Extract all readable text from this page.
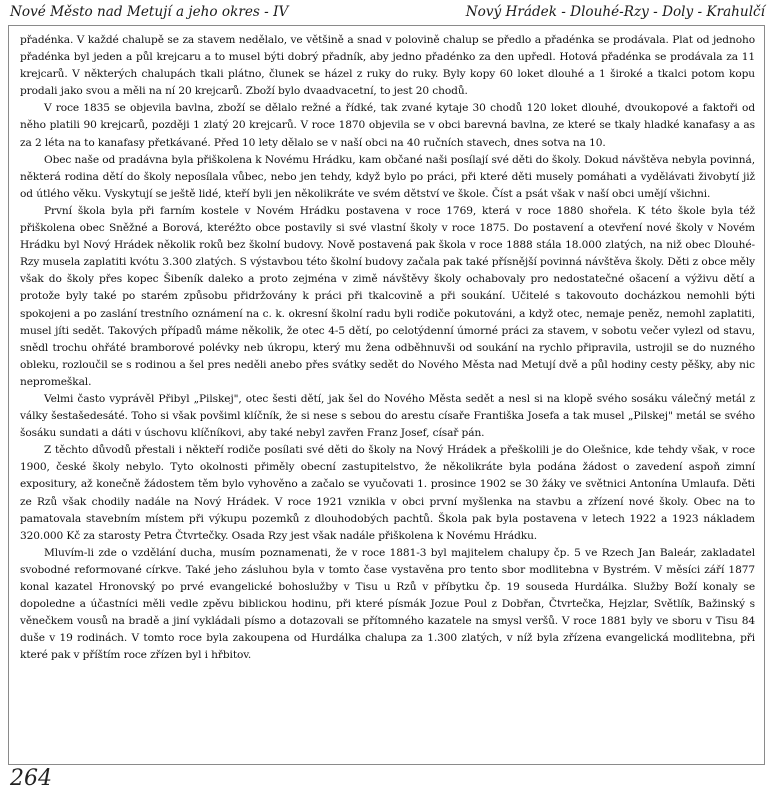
Nové Město nad Metují a jeho okres - IV	Nový Hrádek - Dlouhé-Rzy - Doly - Krahulčí

přadénka. V každé chalupě se za stavem nedělalo, ve většině a snad v polovině chalup se předlo a přadénka se prodávala. Plat od jednoho přadénka byl jeden a půl krejcaru a to musel býti dobrý přadník, aby jedno přadénko za den upředl. Hotová přadénka se prodávala za 11 krejcarů. V některých chalupách tkali plátno, člunek se házel z ruky do ruky. Byly kopy 60 loket dlouhé a 1 široké a tkalci potom kopu prodali jako svou a měli na ní 20 krejcarů. Zboží bylo dvaadvacetní, to jest 20 chodů.

V roce 1835 se objevila bavlna, zboží se dělalo režné a řídké, tak zvané kytaje 30 chodů 120 loket dlouhé, dvoukopové a faktoři od něho platili 90 krejcarů, později 1 zlatý 20 krejcarů. V roce 1870 objevila se v obci barevná bavlna, ze které se tkaly hladké kanafasy a as za 2 léta na to kanafasy přetkávané. Před 10 lety dělalo se v naší obci na 40 ručních stavech, dnes sotva na 10.

Obec naše od pradávna byla přiškolena k Novému Hrádku, kam občané naši posílají své děti do školy. Dokud návštěva nebyla povinná, některá rodina dětí do školy neposílala vůbec, nebo jen tehdy, když bylo po práci, při které děti musely pomáhati a vydělávati živobytí již od útlého věku. Vyskytují se ještě lidé, kteří byli jen několikráte ve svém dětství ve škole. Číst a psát však v naší obci umějí všichni.

První škola byla při farním kostele v Novém Hrádku postavena v roce 1769, která v roce 1880 shořela. K této škole byla též přiškolena obec Sněžné a Borová, kteréžto obce postavily si své vlastní školy v roce 1875. Do postavení a otevření nové školy v Novém Hrádku byl Nový Hrádek několik roků bez školní budovy. Nově postavená pak škola v roce 1888 stála 18.000 zlatých, na niž obec Dlouhé-Rzy musela zaplatiti kvótu 3.300 zlatých. S výstavbou této školní budovy začala pak také přísnější povinná návštěva školy. Děti z obce měly však do školy přes kopec Šibeník daleko a proto zejména v zimě návštěvy školy ochabovaly pro nedostatečné ošacení a výživu dětí a protože byly také po starém způsobu přidržovány k práci při tkalcovině a při soukání. Učitelé s takovouto docházkou nemohli býti spokojeni a po zaslání trestního oznámení na c. k. okresní školní radu byli rodiče pokutováni, a když otec, nemaje peněz, nemohl zaplatiti, musel jíti sedět. Takových případů máme několik, že otec 4-5 dětí, po celotýdenní úmorné práci za stavem, v sobotu večer vylezl od stavu, snědl trochu ohřáté bramborové polévky neb úkropu, který mu žena odběhnuvši od soukání na rychlo připravila, ustrojil se do nuzného obleku, rozloučil se s rodinou a šel pres neděli anebo přes svátky sedět do Nového Města nad Metují dvě a půl hodiny cesty pěšky, aby nic nepromeškal.

Velmi často vyprávěl Přibyl „Pilskej", otec šesti dětí, jak šel do Nového Města sedět a nesl si na klopě svého sosáku válečný metál z války šestašedesáté. Toho si však povšiml klíčník, že si nese s sebou do arestu císaře Františka Josefa a tak musel „Pilskej" metál se svého šosáku sundati a dáti v úschovu klíčníkovi, aby také nebyl zavřen Franz Josef, císař pán.

Z těchto důvodů přestali i někteří rodiče posílati své děti do školy na Nový Hrádek a přeškolili je do Olešnice, kde tehdy však, v roce 1900, české školy nebylo. Tyto okolnosti přiměly obecní zastupitelstvo, že několikráte byla podána žádost o zavedení aspoň zimní expositury, až konečně žádostem těm bylo vyhověno a začalo se vyučovati 1. prosince 1902 se 30 žáky ve světnici Antonína Umlaufa. Děti ze Rzů však chodily nadále na Nový Hrádek. V roce 1921 vznikla v obci první myšlenka na stavbu a zřízení nové školy. Obec na to pamatovala stavebním místem při výkupu pozemků z dlouhodobých pachtů. Škola pak byla postavena v letech 1922 a 1923 nákladem 320.000 Kč za starosty Petra Čtvrtečky. Osada Rzy jest však nadále přiškolena k Novému Hrádku.

Mluvím-li zde o vzdělání ducha, musím poznamenati, že v roce 1881-3 byl majitelem chalupy čp. 5 ve Rzech Jan Baleár, zakladatel svobodné reformované církve. Také jeho zásluhou byla v tomto čase vystavěna pro tento sbor modlitebna v Bystrém. V měsíci září 1877 konal kazatel Hronovský po prvé evangelické bohoslužby v Tisu u Rzů v příbytku čp. 19 souseda Hurdálka. Služby Boží konaly se dopoledne a účastníci měli vedle zpěvu biblickou hodinu, při které písmák Jozue Poul z Dobřan, Čtvrtečka, Hejzlar, Světlík, Bažinský s věnečkem vousů na bradě a jiní vykládali písmo a dotazovali se přítomného kazatele na smysl veršů. V roce 1881 byly ve sboru v Tisu 84 duše v 19 rodinách. V tomto roce byla zakoupena od Hurdálka chalupa za 1.300 zlatých, v níž byla zřízena evangelická modlitebna, při které pak v příštím roce zřízen byl i hřbitov.

264
